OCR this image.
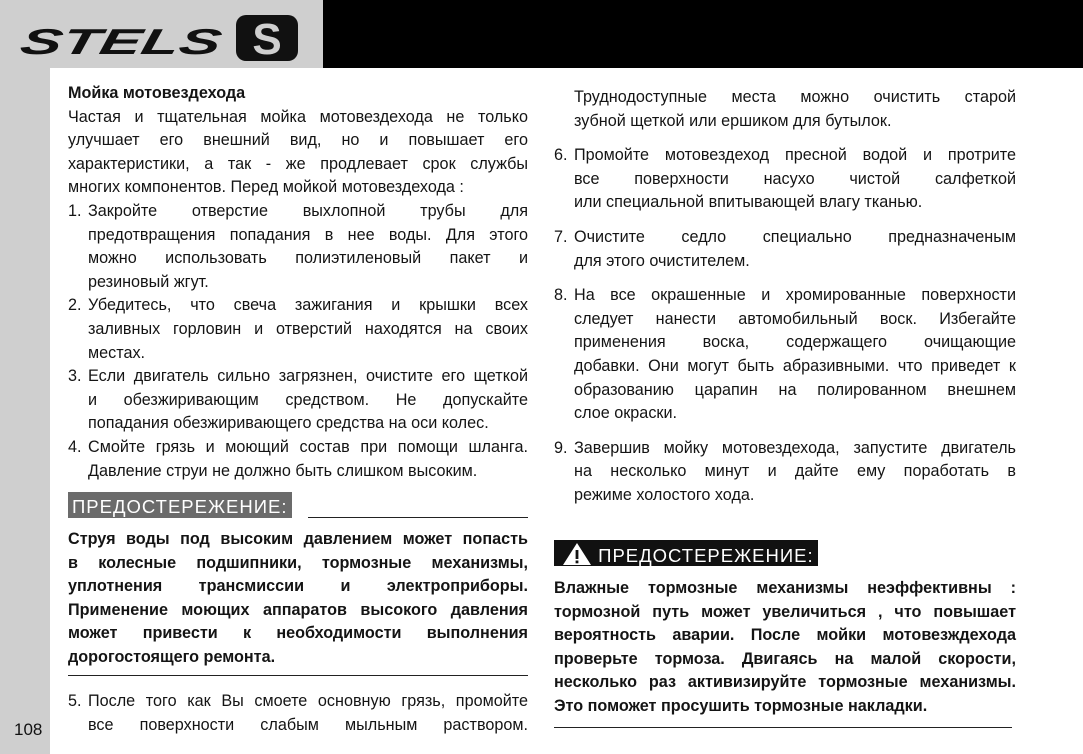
STELS	S
108

Мойка мотовездехода

Частая и тщательная мойка мотовездехода не только

улучшает его внешний вид, но и повышает его

характеристики, а так - же продлевает срок службы

многих компонентов. Перед мойкой мотовездехода :

1. Закройте отверстие выхлопной трубы для

предотвращения попадания в нее воды. Для этого

можно использовать полиэтиленовый пакет и

резиновый жгут.

2. Убедитесь, что свеча зажигания и крышки всех

заливных горловин и отверстий находятся на своих

местах.

3. Если двигатель сильно загрязнен, очистите его щеткой

и обезжиривающим средством. Не допускайте

попадания обезжиривающего средства на оси колес.

4. Смойте грязь и моющий состав при помощи шланга.

Давление струи не должно быть слишком высоким.

ПРЕДОСТЕРЕЖЕНИЕ:

Струя воды под высоким давлением может попасть

в колесные подшипники, тормозные механизмы,

уплотнения трансмиссии и электроприборы.

Применение моющих аппаратов высокого давления

может привести к необходимости выполнения

дорогостоящего ремонта.

5. После того как Вы смоете основную грязь, промойте

все поверхности слабым мыльным раствором.

Труднодоступные места можно очистить старой

зубной щеткой или ершиком для бутылок.

6. Промойте мотовездеход пресной водой и протрите

все поверхности насухо чистой салфеткой

или специальной впитывающей влагу тканью.

7. Очистите седло специально предназначеным

для этого очистителем.

8. На все окрашенные и хромированные поверхности

следует нанести автомобильный воск. Избегайте

применения воска, содержащего очищающие

добавки. Они могут быть абразивными. что приведет к

образованию царапин на полированном внешнем

слое окраски.

9. Завершив мойку мотовездехода, запустите двигатель

на несколько минут и дайте ему поработать в

режиме холостого хода.

ПРЕДОСТЕРЕЖЕНИЕ:

Влажные тормозные механизмы неэффективны :

тормозной путь может увеличиться , что повышает

вероятность аварии. После мойки мотовезждехода

проверьте тормоза. Двигаясь на малой скорости,

несколько раз активизируйте тормозные механизмы.

Это поможет просушить тормозные накладки.
